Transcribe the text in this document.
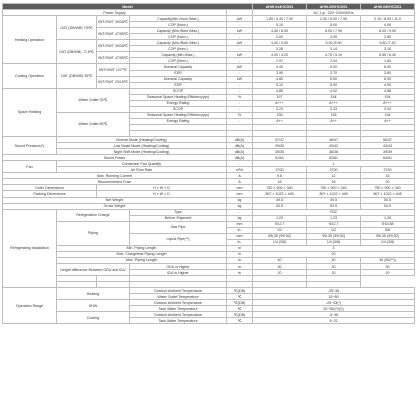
Model					AHW-044HCDS1	AHW-060HCDS1	AHW-080HCDS1
Power Supply					AC 1 φ , 220~240V/50Hz		
Heating Operation	OAT (DB/WB) 7/6℃	IWT/OWT 30/35℃	Capacity(Min./Nom./Max.)	kW	1.85 / 4.40 / 7.00	2.00 / 6.00 / 7.90	2.10 / 8.00 / 11.0
			COP (Nom.)	-	5.10	5.00	4.90
		IWT/OWT 47/55℃	Capacity (Min./Nom./Max.)	kW	4.40 / 6.00	6.00 / 7.90	8.00 / 9.00
			COP (Nom.)	-	3.00	3.05	2.80
	OAT (DB/WB) -7/-8℃	IWT/OWT 30/35℃	Capacity (Min./Nom./Max.)	kW	4.40 / 5.00	5.30 /5.90	5.80 /7.30
			COP (Nom.)	-	3.26	3.14	3.10
		IWT/OWT 47/55℃	Capacity (Min./Max.)	kW	4.00 / 4.20	4.70 / 5.10	5.50 / 6.40
			COP (Nom.)	-	1.97	2.04	1.84
Cooling Operation	OAT (DB/WB) 35℃	IWT/OWT 12/7℃	Nominal Capacity	kW	4.40	5.00	6.00
			EER	-	3.90	3.70	3.60
		IWT/OWT 23/18℃	Nominal Capacity	kW	4.80	5.00	6.00
			EER	-	5.10	5.00	4.90
Space Heating	Water Outlet 35℃		SCOP	-	4.85	4.92	4.88
			Seasonal Space Heating Efficiency(ηs)	%	197	194	194
			Energy Rating	-	A+++	A+++	A+++
			SCOP	-	3.23	3.33	3.42
	Water Outlet 55℃		Seasonal Space Heating Efficiency(ηs)	%	135	135	134
			Energy Rating	-	A++	A++	A++

Sound Pressure(*)	Normal Mode (Heating/Cooling)			dB(A)	47/47	48/47	50/47
	Low Noise Mode (Heating/Cooling)			dB(A)	39/39	43/42	43/43
	Night Shift Mode (Heating/Cooling)			dB(A)	35/35	38/38	39/39
Sound Power				dB(A)	51/61	62/61	64/61
Fan	Condenser Fan Quantity			-	1		
	Air Flow Rate			m³/h	2700	2700	2700
Max. Running Current				A	9.8	12	15
Recommended Fuse				A	16	16	20
Outer Dimensions		H × W × D		mm	750 × 900 × 340	750 × 900 × 340	750 × 900 × 340
Packing Dimensions		H × W × D		mm	807 × 1022 × 445	807 × 1022 × 445	807 × 1022 × 445
Net Weight				kg	49.5	49.5	50.5
Gross Weight				kg	53.5	53.5	54.5
Refrigerating Installation	Refrigeration Charge		Type	-	R32		
			Before Shipment	kg	1.23	1.23	1.26
	Piping		Gas Pipe	mm	Φ12.7	Φ12.7	Φ15.88
				in.	1/2	1/2	5/8
			Liquid Pipe(**)	mm	Φ6.35 (Φ9.52)	Φ6.35 (Φ9.52)	Φ6.35 (Φ9.52)
				in.	1/4 (3/8)	1/4 (3/8)	1/4 (3/8)
	Min. Piping Length			m	3		
	Max. Chargeless Piping Length			m	20		
	Max. Piping Length			m	40	40	45 (50(**))
	Height difference Between ODU and IDU		ODU is Higher	m	30	30	30
			IDU is Higher	m	20	20	20

Operation Range	Heating		Outdoor Ambient Temperature	℃(DB)	-25~35		
			Water Outlet Temperature	℃	15~60		
	DHW		Outdoor Ambient Temperature	℃(DB)	-25~43(*)		
			Tank Water Temperature	℃	30~55(70(*))		
	Cooling		Outdoor Ambient Temperature	℃(DB)	-5~46		
			Tank Water Temperature	℃	5~22		
